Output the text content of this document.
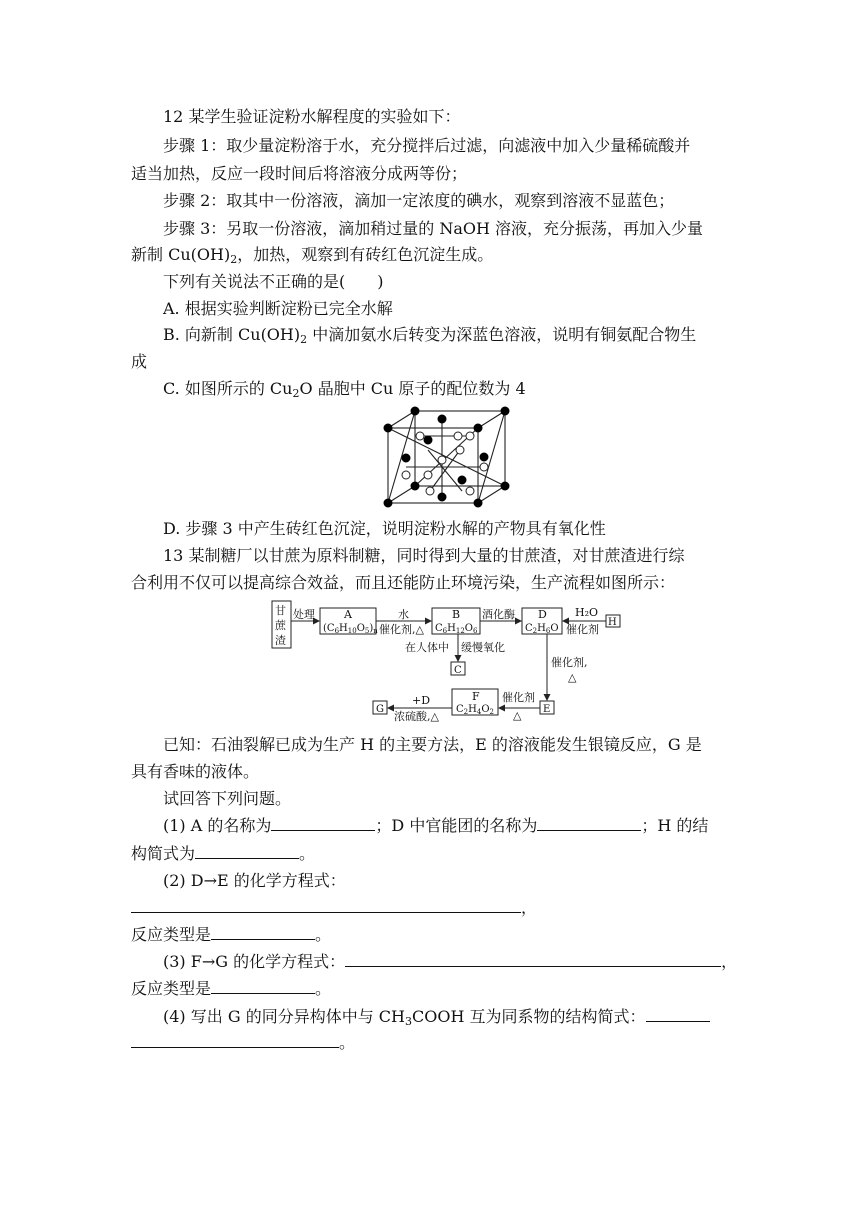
12 某学生验证淀粉水解程度的实验如下：
步骤 1：取少量淀粉溶于水，充分搅拌后过滤，向滤液中加入少量稀硫酸并
适当加热，反应一段时间后将溶液分成两等份；
步骤 2：取其中一份溶液，滴加一定浓度的碘水，观察到溶液不显蓝色；
步骤 3：另取一份溶液，滴加稍过量的 NaOH 溶液，充分振荡，再加入少量
新制 $Cu(OH)_2$，加热，观察到有砖红色沉淀生成。
下列有关说法不正确的是(　　)
A. 根据实验判断淀粉已完全水解
B. 向新制 $Cu(OH)_2$ 中滴加氨水后转变为深蓝色溶液，说明有铜氨配合物生
成
C. 如图所示的 $Cu_2O$ 晶胞中 Cu 原子的配位数为 4
D. 步骤 3 中产生砖红色沉淀，说明淀粉水解的产物具有氧化性
13 某制糖厂以甘蔗为原料制糖，同时得到大量的甘蔗渣，对甘蔗渣进行综
合利用不仅可以提高综合效益，而且还能防止环境污染，生产流程如图所示：
甘
蔗
渣
处理	A
$(C_6H_{10}O_5)_n$
水
催化剂,△
B
$C_6H_{12}O_6$
酒化酶 D
$C_2H_6O$
H₂O
催化剂
H
在人体中 缓慢氧化
C
催化剂,
△
E
催化剂
△
F
$C_2H_4O_2$
+D
浓硫酸,△
G
已知：石油裂解已成为生产 H 的主要方法，E 的溶液能发生银镜反应，G 是
具有香味的液体。
试回答下列问题。
(1) A 的名称为	；D 中官能团的名称为	；H 的结
构简式为	。
(2) D→E 的化学方程式：
，
反应类型是	。
(3) F→G 的化学方程式：	，
反应类型是	。
(4) 写出 G 的同分异构体中与 $CH_3COOH$ 互为同系物的结构简式：
。
